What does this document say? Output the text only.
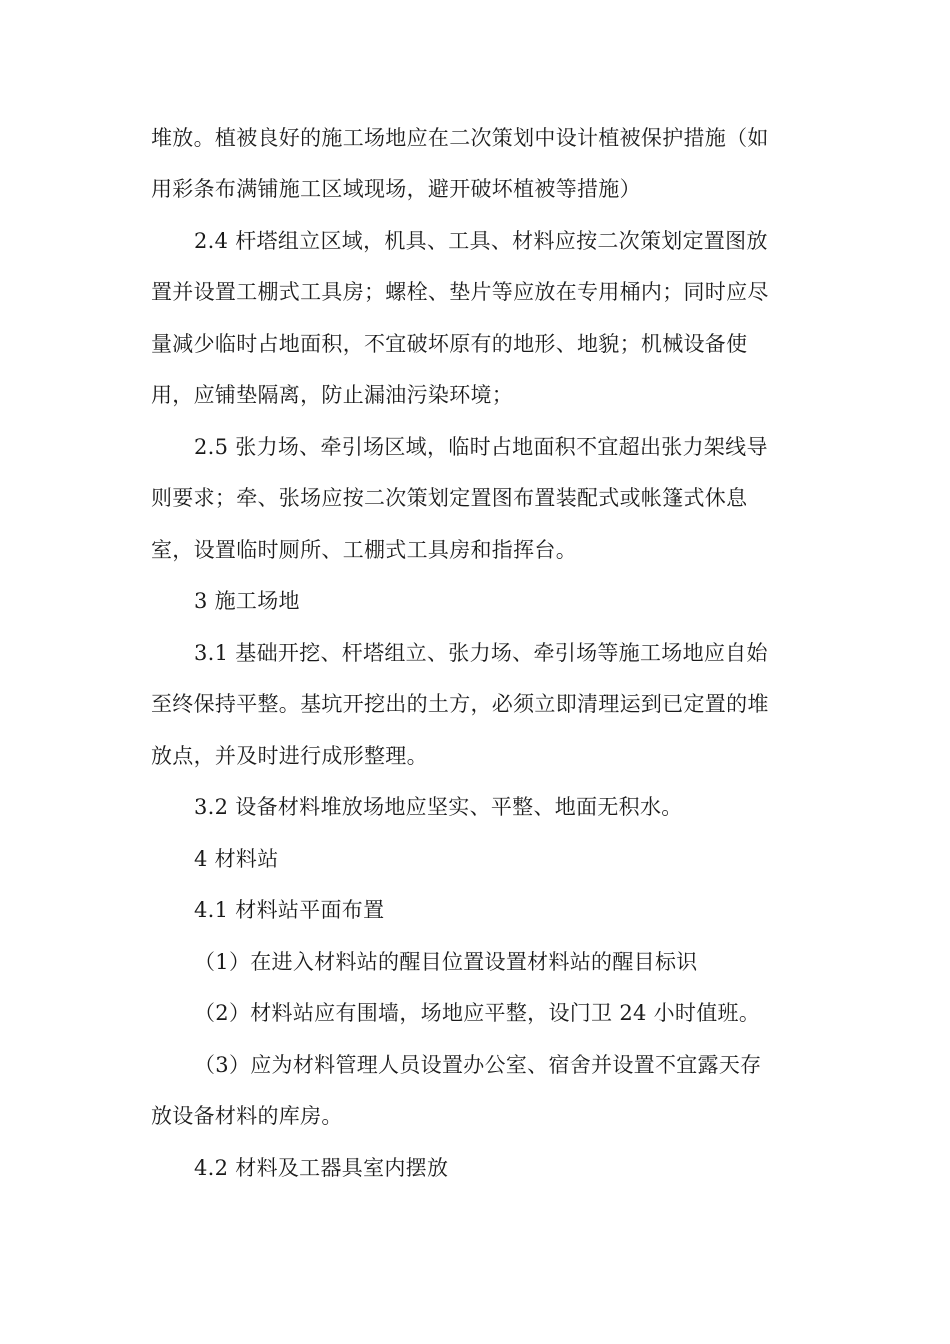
堆放。植被良好的施工场地应在二次策划中设计植被保护措施（如
用彩条布满铺施工区域现场，避开破坏植被等措施）
2.4 杆塔组立区域，机具、工具、材料应按二次策划定置图放
置并设置工棚式工具房；螺栓、垫片等应放在专用桶内；同时应尽
量减少临时占地面积，不宜破坏原有的地形、地貌；机械设备使
用，应铺垫隔离，防止漏油污染环境；
2.5 张力场、牵引场区域，临时占地面积不宜超出张力架线导
则要求；牵、张场应按二次策划定置图布置装配式或帐篷式休息
室，设置临时厕所、工棚式工具房和指挥台。
3 施工场地
3.1 基础开挖、杆塔组立、张力场、牵引场等施工场地应自始
至终保持平整。基坑开挖出的土方，必须立即清理运到已定置的堆
放点，并及时进行成形整理。
3.2 设备材料堆放场地应坚实、平整、地面无积水。
4 材料站
4.1 材料站平面布置
（1）在进入材料站的醒目位置设置材料站的醒目标识
（2）材料站应有围墙，场地应平整，设门卫 24 小时值班。
（3）应为材料管理人员设置办公室、宿舍并设置不宜露天存
放设备材料的库房。
4.2 材料及工器具室内摆放
